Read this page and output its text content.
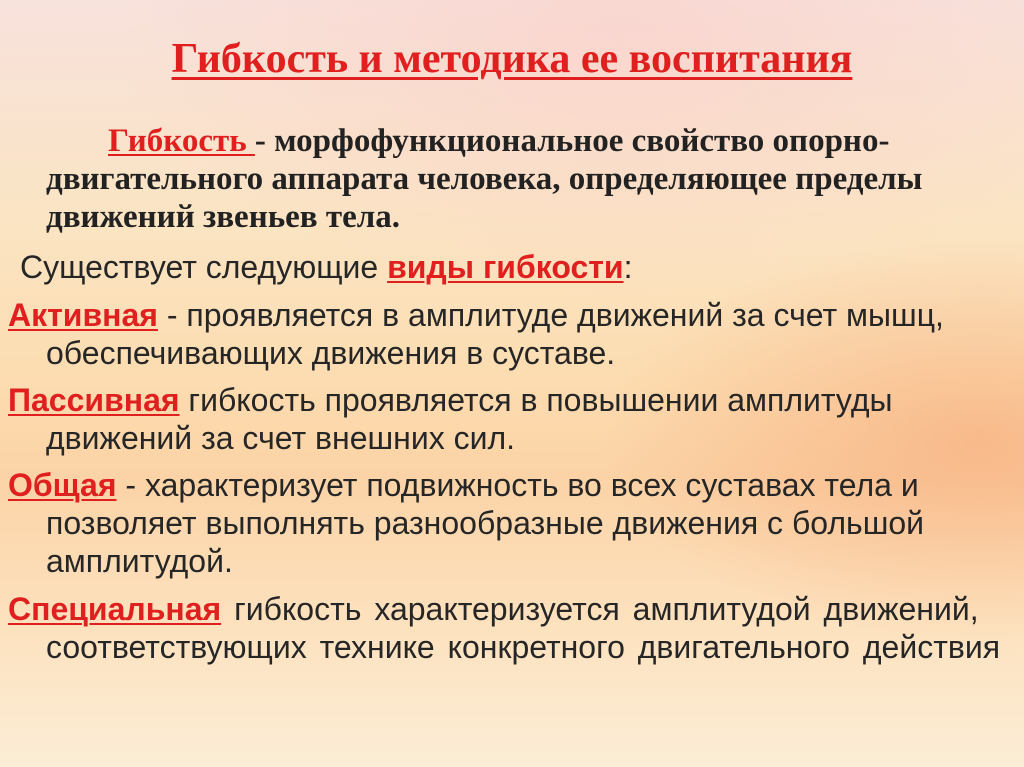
Гибкость и методика ее воспитания
Гибкость - морфофункциональное свойство опорно-двигательного аппарата человека, определяющее пределы движений звеньев тела.
Существует следующие виды гибкости:
Активная - проявляется в амплитуде движений за счет мышц, обеспечивающих движения в суставе.
Пассивная гибкость проявляется в повышении амплитуды движений за счет внешних сил.
Общая - характеризует подвижность во всех суставах тела и позволяет выполнять разнообразные движения с большой амплитудой.
Специальная гибкость характеризуется амплитудой движений, соответствующих технике конкретного двигательного действия
